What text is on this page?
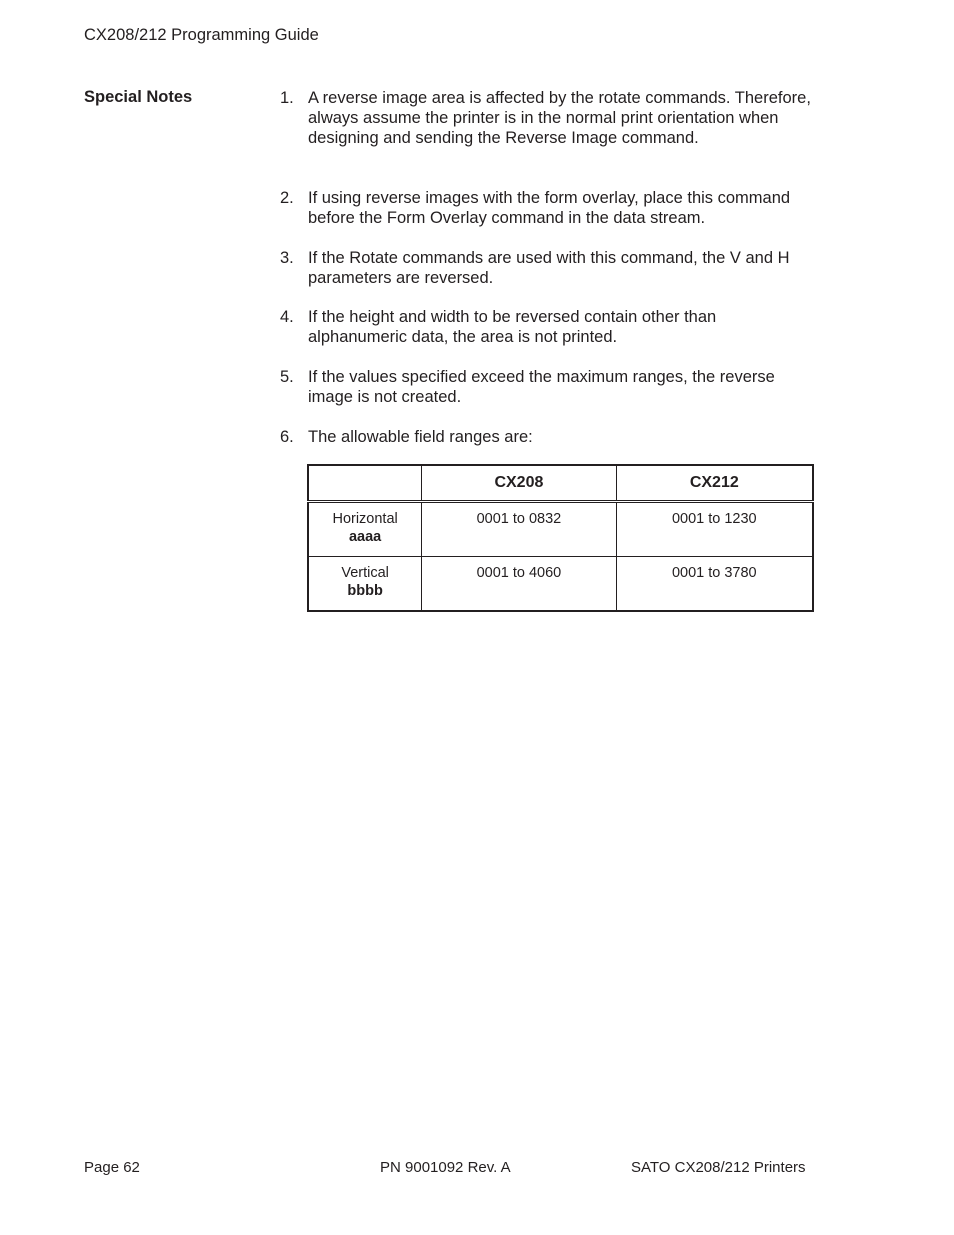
CX208/212 Programming Guide
Special Notes	1. A reverse image area is affected by the rotate commands. Therefore, always assume the printer is in the normal print orientation when designing and sending the Reverse Image command.
2. If using reverse images with the form overlay, place this command before the Form Overlay command in the data stream.
3. If the Rotate commands are used with this command, the V and H parameters are reversed.
4. If the height and width to be reversed contain other than alphanumeric data, the area is not printed.
5. If the values specified exceed the maximum ranges, the reverse image is not created.
6. The allowable field ranges are:
	CX208	CX212
Horizontal
aaaa	0001 to 0832	0001 to 1230
Vertical
bbbb	0001 to 4060	0001 to 3780
Page 62	PN 9001092 Rev. A	SATO CX208/212 Printers
